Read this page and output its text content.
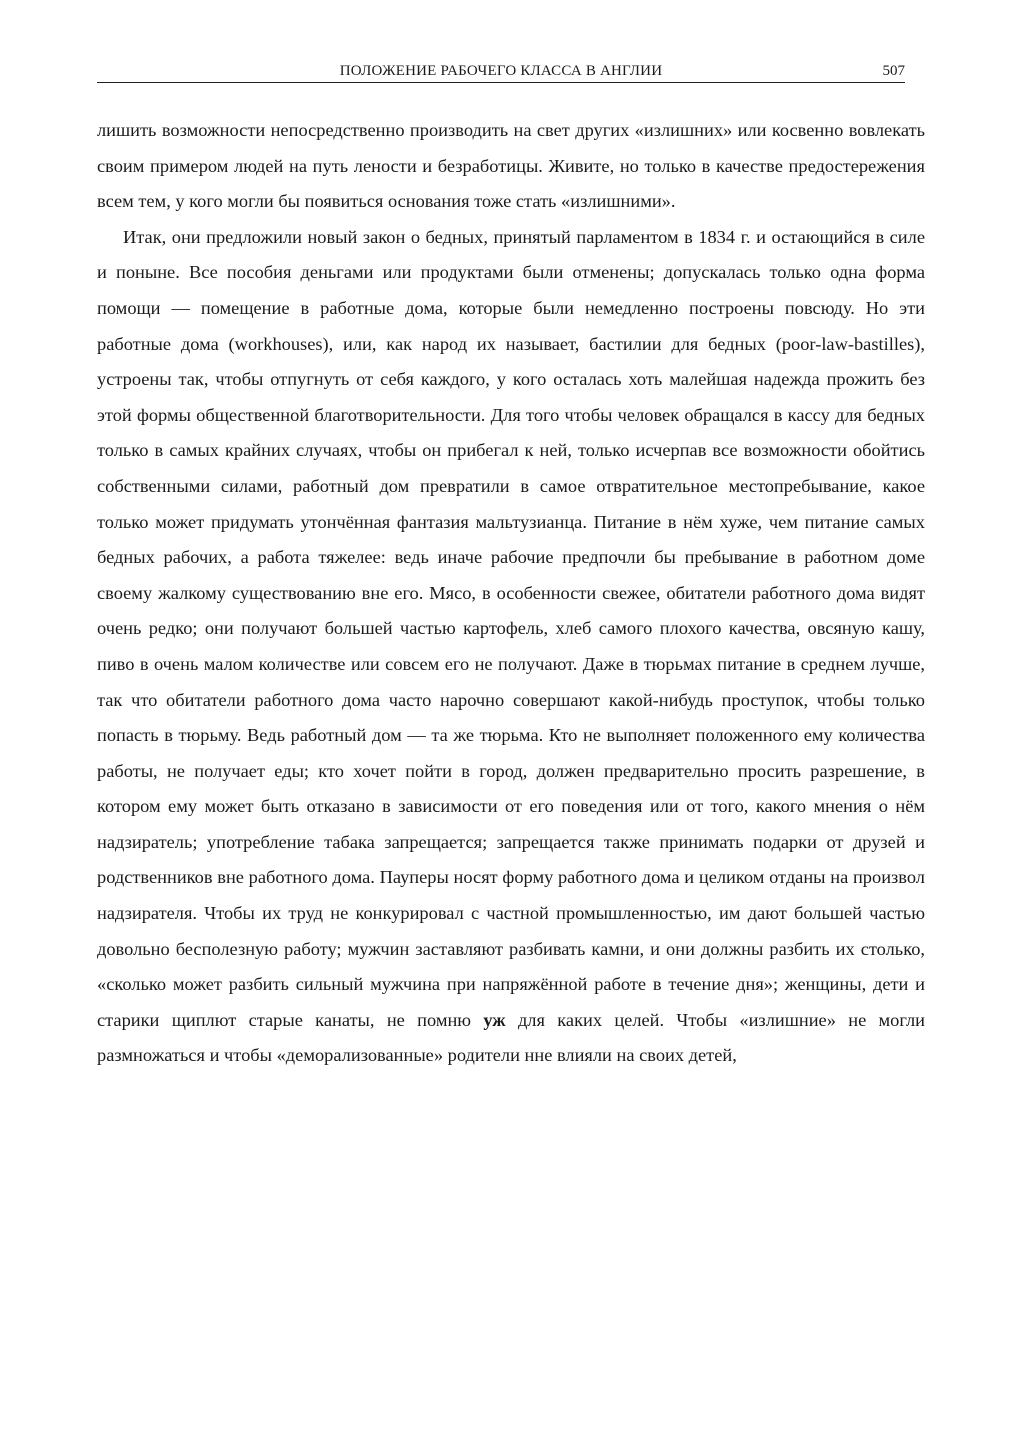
ПОЛОЖЕНИЕ РАБОЧЕГО КЛАССА В АНГЛИИ	507

лишить возможности непосредственно производить на свет других «излишних» или косвенно вовлекать своим примером людей на путь лености и безработицы. Живите, но только в качестве предостережения всем тем, у кого могли бы появиться основания тоже стать «излишними».

Итак, они предложили новый закон о бедных, принятый парламентом в 1834 г. и остающийся в силе и поныне. Все пособия деньгами или продуктами были отменены; допускалась только одна форма помощи — помещение в работные дома, которые были немедленно построены повсюду. Но эти работные дома (workhouses), или, как народ их называет, бастилии для бедных (poor-law-bastilles), устроены так, чтобы отпугнуть от себя каждого, у кого осталась хоть малейшая надежда прожить без этой формы общественной благотворительности. Для того чтобы человек обращался в кассу для бедных только в самых крайних случаях, чтобы он прибегал к ней, только исчерпав все возможности обойтись собственными силами, работный дом превратили в самое отвратительное местопребывание, какое только может придумать утончённая фантазия мальтузианца. Питание в нём хуже, чем питание самых бедных рабочих, а работа тяжелее: ведь иначе рабочие предпочли бы пребывание в работном доме своему жалкому существованию вне его. Мясо, в особенности свежее, обитатели работного дома видят очень редко; они получают большей частью картофель, хлеб самого плохого качества, овсяную кашу, пиво в очень малом количестве или совсем его не получают. Даже в тюрьмах питание в среднем лучше, так что обитатели работного дома часто нарочно совершают какой-нибудь проступок, чтобы только попасть в тюрьму. Ведь работный дом — та же тюрьма. Кто не выполняет положенного ему количества работы, не получает еды; кто хочет пойти в город, должен предварительно просить разрешение, в котором ему может быть отказано в зависимости от его поведения или от того, какого мнения о нём надзиратель; употребление табака запрещается; запрещается также принимать подарки от друзей и родственников вне работного дома. Пауперы носят форму работного дома и целиком отданы на произвол надзирателя. Чтобы их труд не конкурировал с частной промышленностью, им дают большей частью довольно бесполезную работу; мужчин заставляют разбивать камни, и они должны разбить их столько, «сколько может разбить сильный мужчина при напряжённой работе в течение дня»; женщины, дети и старики щиплют старые канаты, не помню уж для каких целей. Чтобы «излишние» не могли размножаться и чтобы «деморализованные» родители нне влияли на своих детей,
